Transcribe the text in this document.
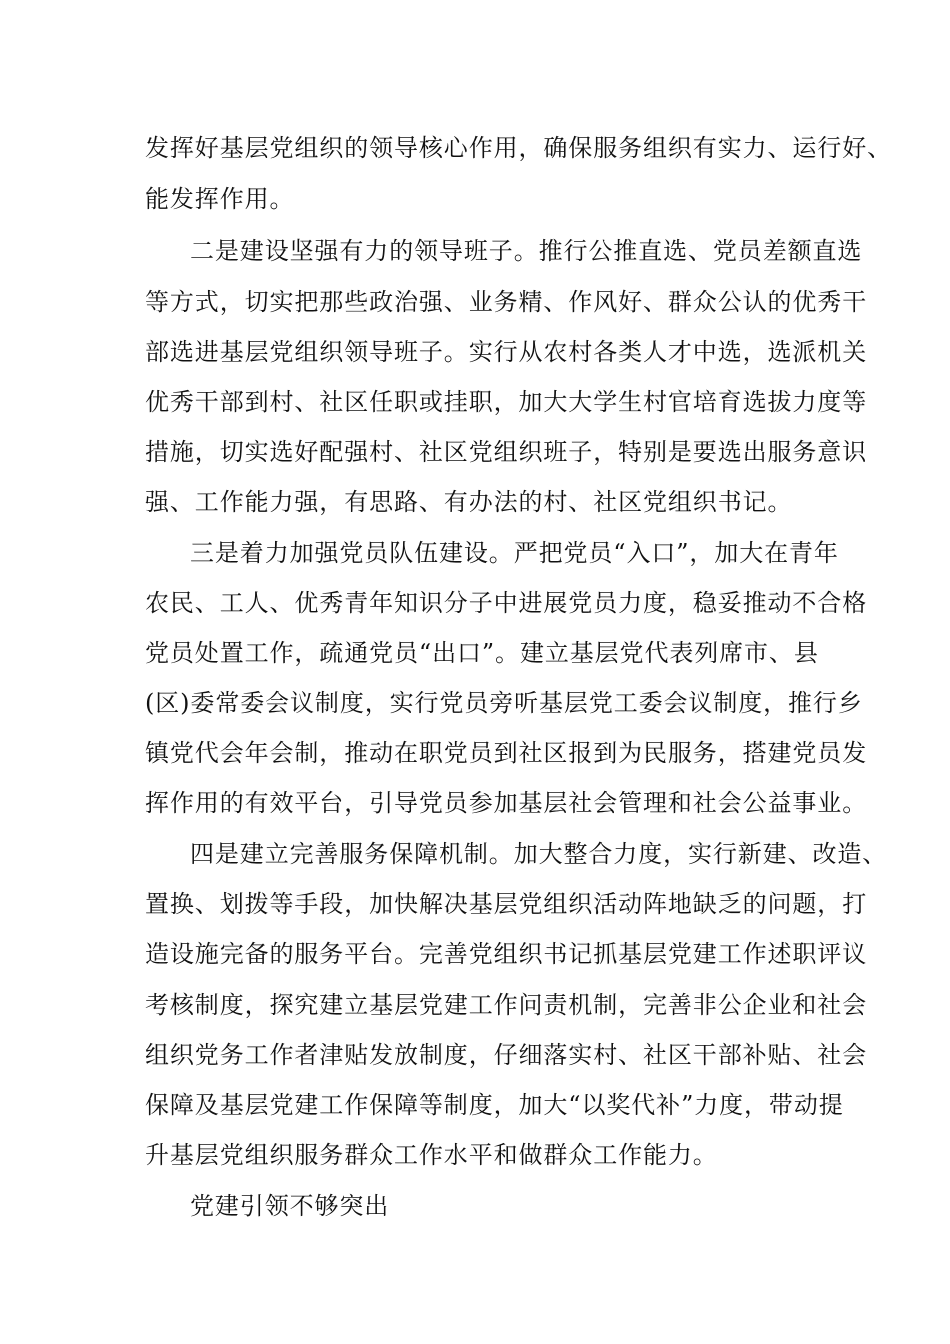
发挥好基层党组织的领导核心作用，确保服务组织有实力、运行好、
能发挥作用。
二是建设坚强有力的领导班子。推行公推直选、党员差额直选
等方式，切实把那些政治强、业务精、作风好、群众公认的优秀干
部选进基层党组织领导班子。实行从农村各类人才中选，选派机关
优秀干部到村、社区任职或挂职，加大大学生村官培育选拔力度等
措施，切实选好配强村、社区党组织班子，特别是要选出服务意识
强、工作能力强，有思路、有办法的村、社区党组织书记。
三是着力加强党员队伍建设。严把党员“入口”，加大在青年
农民、工人、优秀青年知识分子中进展党员力度，稳妥推动不合格
党员处置工作，疏通党员“出口”。建立基层党代表列席市、县
(区)委常委会议制度，实行党员旁听基层党工委会议制度，推行乡
镇党代会年会制，推动在职党员到社区报到为民服务，搭建党员发
挥作用的有效平台，引导党员参加基层社会管理和社会公益事业。
四是建立完善服务保障机制。加大整合力度，实行新建、改造、
置换、划拨等手段，加快解决基层党组织活动阵地缺乏的问题，打
造设施完备的服务平台。完善党组织书记抓基层党建工作述职评议
考核制度，探究建立基层党建工作问责机制，完善非公企业和社会
组织党务工作者津贴发放制度，仔细落实村、社区干部补贴、社会
保障及基层党建工作保障等制度，加大“以奖代补”力度，带动提
升基层党组织服务群众工作水平和做群众工作能力。
党建引领不够突出
